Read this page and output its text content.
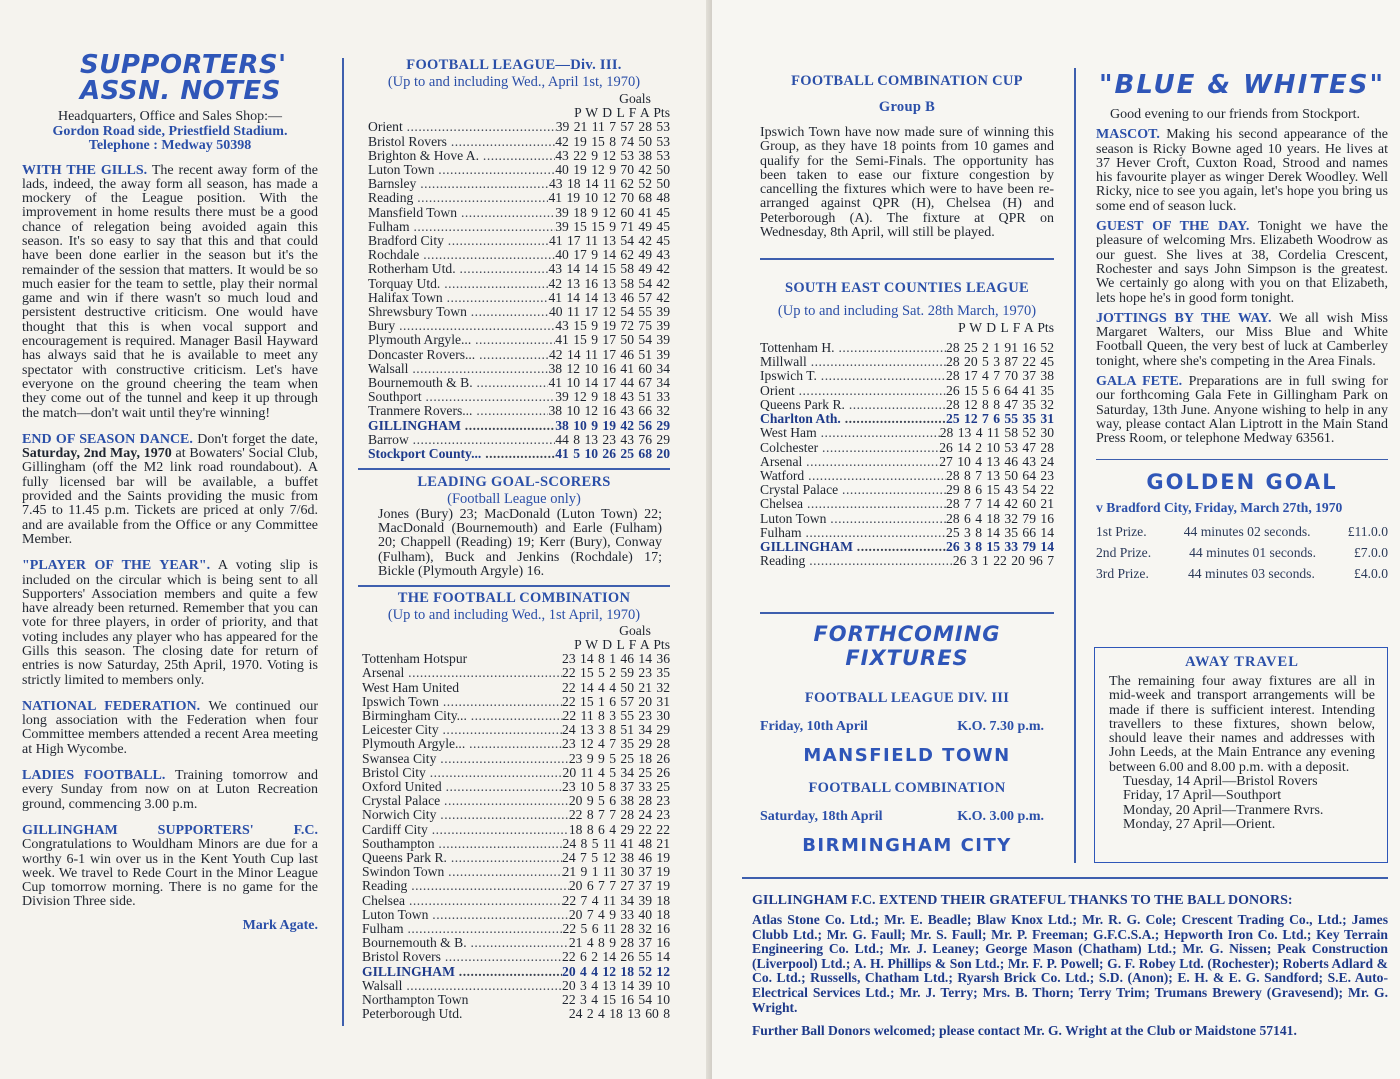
SUPPORTERS'
ASSN. NOTES
Headquarters, Office and Sales Shop:—
Gordon Road side, Priestfield Stadium.
Telephone : Medway 50398

WITH THE GILLS. The recent away form of the lads, indeed, the away form all season, has made a mockery of the League position. With the improvement in home results there must be a good chance of relegation being avoided again this season. It's so easy to say that this and that could have been done earlier in the season but it's the remainder of the session that matters. It would be so much easier for the team to settle, play their normal game and win if there wasn't so much loud and persistent destructive criticism. One would have thought that this is when vocal support and encouragement is required. Manager Basil Hayward has always said that he is available to meet any spectator with constructive criticism. Let's have everyone on the ground cheering the team when they come out of the tunnel and keep it up through the match—don't wait until they're winning!

END OF SEASON DANCE. Don't forget the date, Saturday, 2nd May, 1970 at Bowaters' Social Club, Gillingham (off the M2 link road roundabout). A fully licensed bar will be available, a buffet provided and the Saints providing the music from 7.45 to 11.45 p.m. Tickets are priced at only 7/6d. and are available from the Office or any Committee Member.

"PLAYER OF THE YEAR". A voting slip is included on the circular which is being sent to all Supporters' Association members and quite a few have already been returned. Remember that you can vote for three players, in order of priority, and that voting includes any player who has appeared for the Gills this season. The closing date for return of entries is now Saturday, 25th April, 1970. Voting is strictly limited to members only.

NATIONAL FEDERATION. We continued our long association with the Federation when four Committee members attended a recent Area meeting at High Wycombe.

LADIES FOOTBALL. Training tomorrow and every Sunday from now on at Luton Recreation ground, commencing 3.00 p.m.

GILLINGHAM SUPPORTERS' F.C. Congratulations to Wouldham Minors are due for a worthy 6-1 win over us in the Kent Youth Cup last week. We travel to Rede Court in the Minor League Cup tomorrow morning. There is no game for the Division Three side.

Mark Agate.
FOOTBALL LEAGUE—Div. III.
(Up to and including Wed., April 1st, 1970)
Goals
P W D L F A Pts
Orient .....	39 21 11 7 57 28 53
Bristol Rovers .....	42 19 15 8 74 50 53
Brighton & Hove A. .....	43 22 9 12 53 38 53
Luton Town .....	40 19 12 9 70 42 50
Barnsley .....	43 18 14 11 62 52 50
Reading .....	41 19 10 12 70 68 48
Mansfield Town .....	39 18 9 12 60 41 45
Fulham .....	39 15 15 9 71 49 45
Bradford City .....	41 17 11 13 54 42 45
Rochdale .....	40 17 9 14 62 49 43
Rotherham Utd. .....	43 14 14 15 58 49 42
Torquay Utd. .....	42 13 16 13 58 54 42
Halifax Town .....	41 14 14 13 46 57 42
Shrewsbury Town .....	40 11 17 12 54 55 39
Bury .....	43 15 9 19 72 75 39
Plymouth Argyle... .....	41 15 9 17 50 54 39
Doncaster Rovers... .....	42 14 11 17 46 51 39
Walsall .....	38 12 10 16 41 60 34
Bournemouth & B. .....	41 10 14 17 44 67 34
Southport .....	39 12 9 18 43 51 33
Tranmere Rovers... .....	38 10 12 16 43 66 32
GILLINGHAM .....	38 10 9 19 42 56 29
Barrow .....	44 8 13 23 43 76 29
Stockport County... .....	41 5 10 26 25 68 20
LEADING GOAL-SCORERS
(Football League only)

Jones (Bury) 23; MacDonald (Luton Town) 22; MacDonald (Bournemouth) and Earle (Fulham) 20; Chappell (Reading) 19; Kerr (Bury), Conway (Fulham), Buck and Jenkins (Rochdale) 17; Bickle (Plymouth Argyle) 16.

THE FOOTBALL COMBINATION
(Up to and including Wed., 1st April, 1970)
Goals
P W D L F A Pts
Tottenham Hotspur	23 14 8 1 46 14 36
Arsenal .....	22 15 5 2 59 23 35
West Ham United	22 14 4 4 50 21 32
Ipswich Town .....	22 15 1 6 57 20 31
Birmingham City... .....	22 11 8 3 55 23 30
Leicester City .....	24 13 3 8 51 34 29
Plymouth Argyle... .....	23 12 4 7 35 29 28
Swansea City .....	23 9 9 5 25 18 26
Bristol City .....	20 11 4 5 34 25 26
Oxford United .....	23 10 5 8 37 33 25
Crystal Palace .....	20 9 5 6 38 28 23
Norwich City .....	22 8 7 7 28 24 23
Cardiff City .....	18 8 6 4 29 22 22
Southampton .....	24 8 5 11 41 48 21
Queens Park R. .....	24 7 5 12 38 46 19
Swindon Town .....	21 9 1 11 30 37 19
Reading .....	20 6 7 7 27 37 19
Chelsea .....	22 7 4 11 34 39 18
Luton Town .....	20 7 4 9 33 40 18
Fulham .....	22 5 6 11 28 32 16
Bournemouth & B. .....	21 4 8 9 28 37 16
Bristol Rovers .....	22 6 2 14 26 55 14
GILLINGHAM .....	20 4 4 12 18 52 12
Walsall .....	20 3 4 13 14 39 10
Northampton Town	22 3 4 15 16 54 10
Peterborough Utd.	24 2 4 18 13 60 8
FOOTBALL COMBINATION CUP
Group B

Ipswich Town have now made sure of winning this Group, as they have 18 points from 10 games and qualify for the Semi-Finals. The opportunity has been taken to ease our fixture congestion by cancelling the fixtures which were to have been re-arranged against QPR (H), Chelsea (H) and Peterborough (A). The fixture at QPR on Wednesday, 8th April, will still be played.

SOUTH EAST COUNTIES LEAGUE
(Up to and including Sat. 28th March, 1970)
P W D L F A Pts
Tottenham H. .....	28 25 2 1 91 16 52
Millwall .....	28 20 5 3 87 22 45
Ipswich T. .....	28 17 4 7 70 37 38
Orient .....	26 15 5 6 64 41 35
Queens Park R. .....	28 12 8 8 47 35 32
Charlton Ath. .....	25 12 7 6 55 35 31
West Ham .....	28 13 4 11 58 52 30
Colchester .....	26 14 2 10 53 47 28
Arsenal .....	27 10 4 13 46 43 24
Watford .....	28 8 7 13 50 64 23
Crystal Palace .....	29 8 6 15 43 54 22
Chelsea .....	28 7 7 14 42 60 21
Luton Town .....	28 6 4 18 32 79 16
Fulham .....	25 3 8 14 35 66 14
GILLINGHAM .....	26 3 8 15 33 79 14
Reading .....	26 3 1 22 20 96 7
FORTHCOMING FIXTURES
FOOTBALL LEAGUE DIV. III
Friday, 10th April	K.O. 7.30 p.m.
MANSFIELD TOWN
FOOTBALL COMBINATION
Saturday, 18th April	K.O. 3.00 p.m.
BIRMINGHAM CITY
"BLUE & WHITES"

Good evening to our friends from Stockport.

MASCOT. Making his second appearance of the season is Ricky Bowne aged 10 years. He lives at 37 Hever Croft, Cuxton Road, Strood and names his favourite player as winger Derek Woodley. Well Ricky, nice to see you again, let's hope you bring us some end of season luck.

GUEST OF THE DAY. Tonight we have the pleasure of welcoming Mrs. Elizabeth Woodrow as our guest. She lives at 38, Cordelia Crescent, Rochester and says John Simpson is the greatest. We certainly go along with you on that Elizabeth, lets hope he's in good form tonight.

JOTTINGS BY THE WAY. We all wish Miss Margaret Walters, our Miss Blue and White Football Queen, the very best of luck at Camberley tonight, where she's competing in the Area Finals.

GALA FETE. Preparations are in full swing for our forthcoming Gala Fete in Gillingham Park on Saturday, 13th June. Anyone wishing to help in any way, please contact Alan Liptrott in the Main Stand Press Room, or telephone Medway 63561.

GOLDEN GOAL
v Bradford City, Friday, March 27th, 1970
1st Prize.	44 minutes 02 seconds.	£11.0.0
2nd Prize.	44 minutes 01 seconds.	£7.0.0
3rd Prize.	44 minutes 03 seconds.	£4.0.0
AWAY TRAVEL

The remaining four away fixtures are all in mid-week and transport arrangements will be made if there is sufficient interest. Intending travellers to these fixtures, shown below, should leave their names and addresses with John Leeds, at the Main Entrance any evening between 6.00 and 8.00 p.m. with a deposit.

Tuesday, 14 April—Bristol Rovers
Friday, 17 April—Southport
Monday, 20 April—Tranmere Rvrs.
Monday, 27 April—Orient.
GILLINGHAM F.C. EXTEND THEIR GRATEFUL THANKS TO THE BALL DONORS:

Atlas Stone Co. Ltd.; Mr. E. Beadle; Blaw Knox Ltd.; Mr. R. G. Cole; Crescent Trading Co., Ltd.; James Clubb Ltd.; Mr. G. Faull; Mr. S. Faull; Mr. P. Freeman; G.F.C.S.A.; Hepworth Iron Co. Ltd.; Key Terrain Engineering Co. Ltd.; Mr. J. Leaney; George Mason (Chatham) Ltd.; Mr. G. Nissen; Peak Construction (Liverpool) Ltd.; A. H. Phillips & Son Ltd.; Mr. F. P. Powell; G. F. Robey Ltd. (Rochester); Roberts Adlard & Co. Ltd.; Russells, Chatham Ltd.; Ryarsh Brick Co. Ltd.; S.D. (Anon); E. H. & E. G. Sandford; S.E. Auto-Electrical Services Ltd.; Mr. J. Terry; Mrs. B. Thorn; Terry Trim; Trumans Brewery (Gravesend); Mr. G. Wright.

Further Ball Donors welcomed; please contact Mr. G. Wright at the Club or Maidstone 57141.
